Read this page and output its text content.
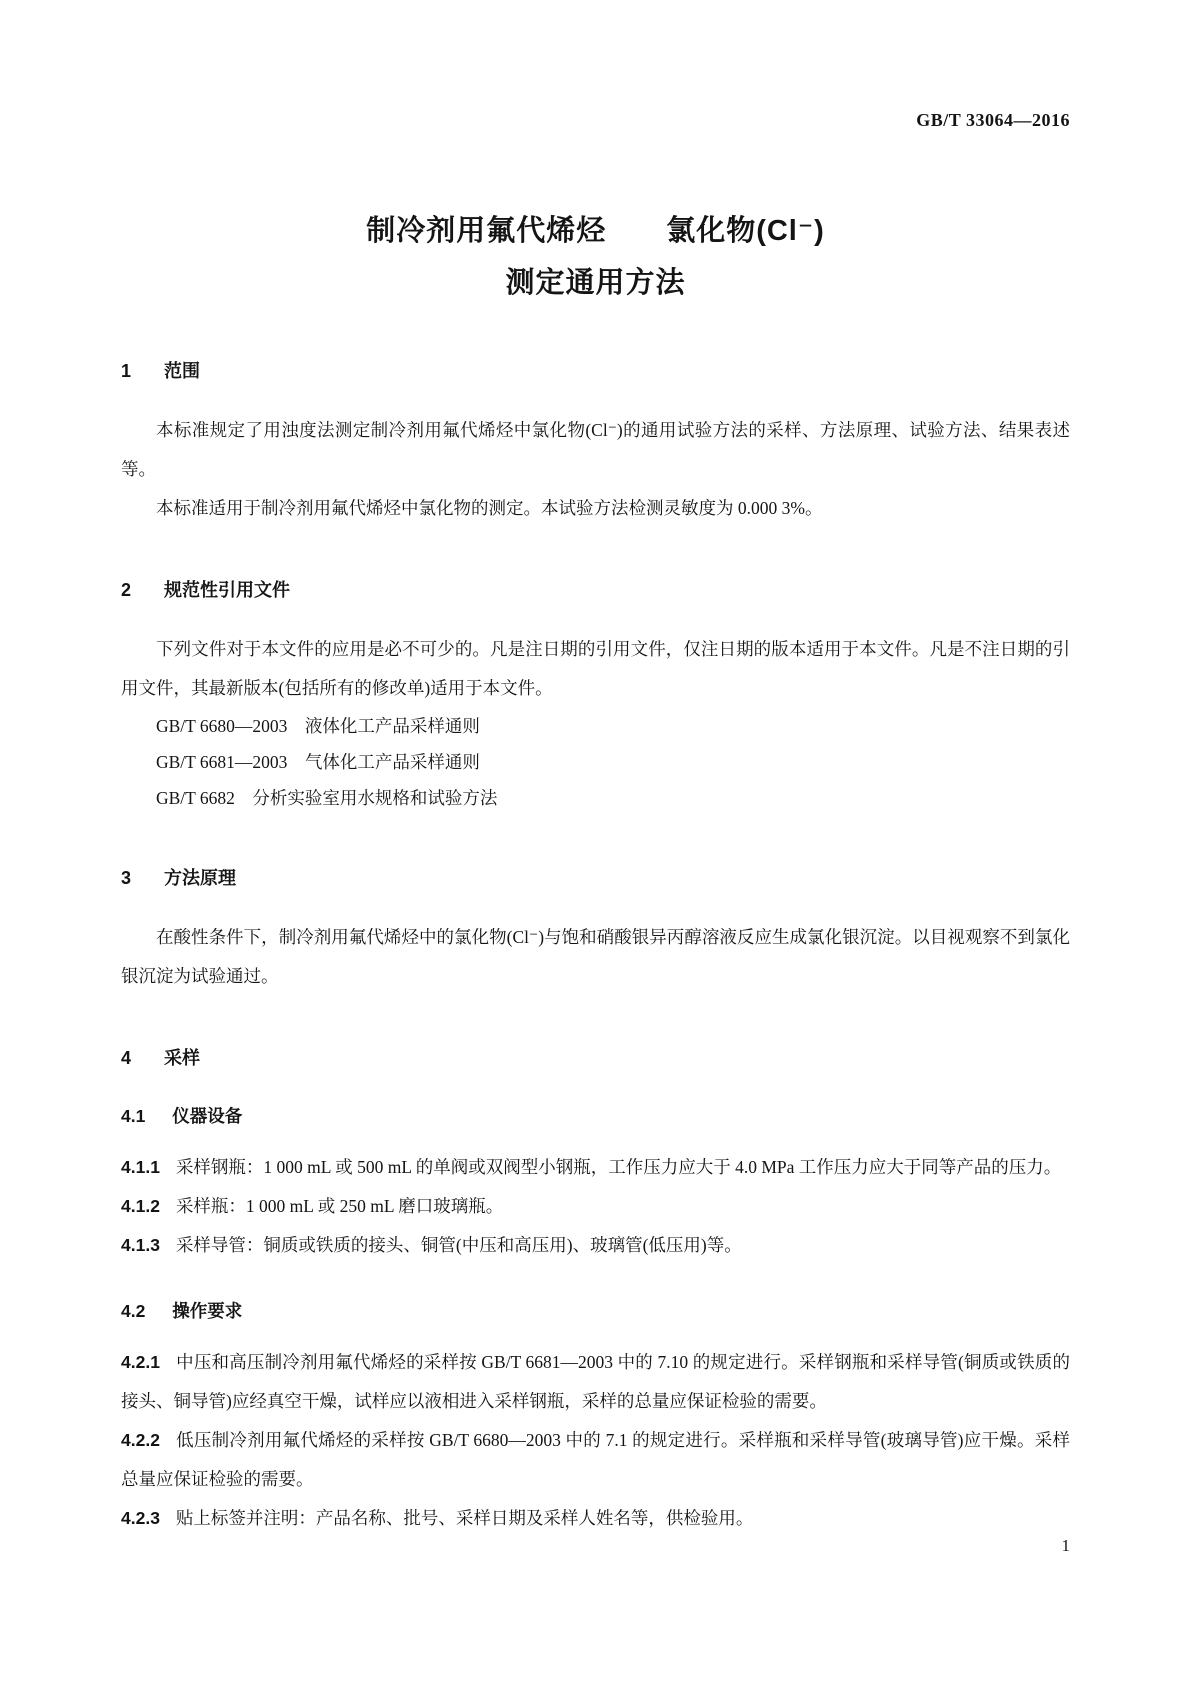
GB/T 33064—2016
制冷剂用氟代烯烃　　氯化物(Cl⁻)
测定通用方法
1 范围

本标准规定了用浊度法测定制冷剂用氟代烯烃中氯化物(Cl⁻)的通用试验方法的采样、方法原理、试验方法、结果表述等。

本标准适用于制冷剂用氟代烯烃中氯化物的测定。本试验方法检测灵敏度为 0.000 3%。

2 规范性引用文件

下列文件对于本文件的应用是必不可少的。凡是注日期的引用文件，仅注日期的版本适用于本文件。凡是不注日期的引用文件，其最新版本(包括所有的修改单)适用于本文件。

GB/T 6680—2003　液体化工产品采样通则

GB/T 6681—2003　气体化工产品采样通则

GB/T 6682　分析实验室用水规格和试验方法

3 方法原理

在酸性条件下，制冷剂用氟代烯烃中的氯化物(Cl⁻)与饱和硝酸银异丙醇溶液反应生成氯化银沉淀。以目视观察不到氯化银沉淀为试验通过。

4 采样
4.1 仪器设备

4.1.1 采样钢瓶：1 000 mL 或 500 mL 的单阀或双阀型小钢瓶，工作压力应大于 4.0 MPa 工作压力应大于同等产品的压力。

4.1.2 采样瓶：1 000 mL 或 250 mL 磨口玻璃瓶。

4.1.3 采样导管：铜质或铁质的接头、铜管(中压和高压用)、玻璃管(低压用)等。

4.2 操作要求

4.2.1 中压和高压制冷剂用氟代烯烃的采样按 GB/T 6681—2003 中的 7.10 的规定进行。采样钢瓶和采样导管(铜质或铁质的接头、铜导管)应经真空干燥，试样应以液相进入采样钢瓶，采样的总量应保证检验的需要。

4.2.2 低压制冷剂用氟代烯烃的采样按 GB/T 6680—2003 中的 7.1 的规定进行。采样瓶和采样导管(玻璃导管)应干燥。采样总量应保证检验的需要。

4.2.3 贴上标签并注明：产品名称、批号、采样日期及采样人姓名等，供检验用。

1
